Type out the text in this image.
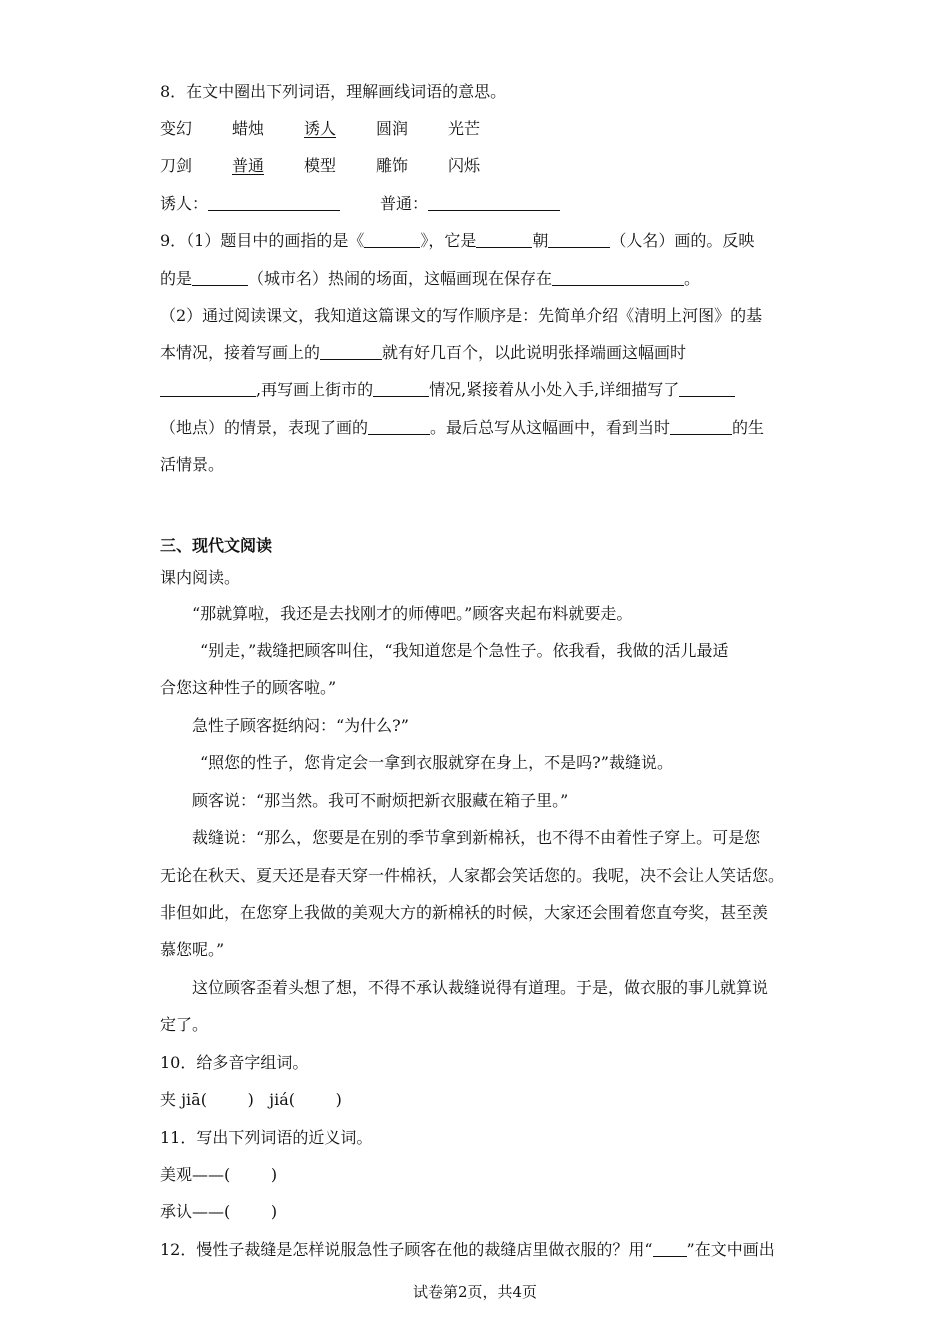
8．在文中圈出下列词语，理解画线词语的意思。
变幻 蜡烛 诱人 圆润 光芒
刀剑 普通 模型 雕饰 闪烁
诱人：	普通：
9．（1）题目中的画指的是《	》，它是	朝	（人名）画的。反映
的是	（城市名）热闹的场面，这幅画现在保存在	。
（2）通过阅读课文，我知道这篇课文的写作顺序是：先简单介绍《清明上河图》的基
本情况，接着写画上的	就有好几百个，以此说明张择端画这幅画时
,再写画上街市的	情况,紧接着从小处入手,详细描写了
（地点）的情景，表现了画的	。最后总写从这幅画中，看到当时	的生
活情景。
三、现代文阅读
课内阅读。
“那就算啦，我还是去找刚才的师傅吧。”顾客夹起布料就要走。
“别走，”裁缝把顾客叫住，“我知道您是个急性子。依我看，我做的活儿最适
合您这种性子的顾客啦。”
急性子顾客挺纳闷：“为什么?”
“照您的性子，您肯定会一拿到衣服就穿在身上，不是吗?”裁缝说。
顾客说：“那当然。我可不耐烦把新衣服藏在箱子里。”
裁缝说：“那么，您要是在别的季节拿到新棉袄，也不得不由着性子穿上。可是您
无论在秋天、夏天还是春天穿一件棉袄，人家都会笑话您的。我呢，决不会让人笑话您。
非但如此，在您穿上我做的美观大方的新棉袄的时候，大家还会围着您直夸奖，甚至羡
慕您呢。”
这位顾客歪着头想了想，不得不承认裁缝说得有道理。于是，做衣服的事儿就算说
定了。
10．给多音字组词。
夹 jiā(        )   jiá(        )
11．写出下列词语的近义词。
美观——(        )
承认——(        )
12．慢性子裁缝是怎样说服急性子顾客在他的裁缝店里做衣服的？用“ ”在文中画出
试卷第2页，共4页
